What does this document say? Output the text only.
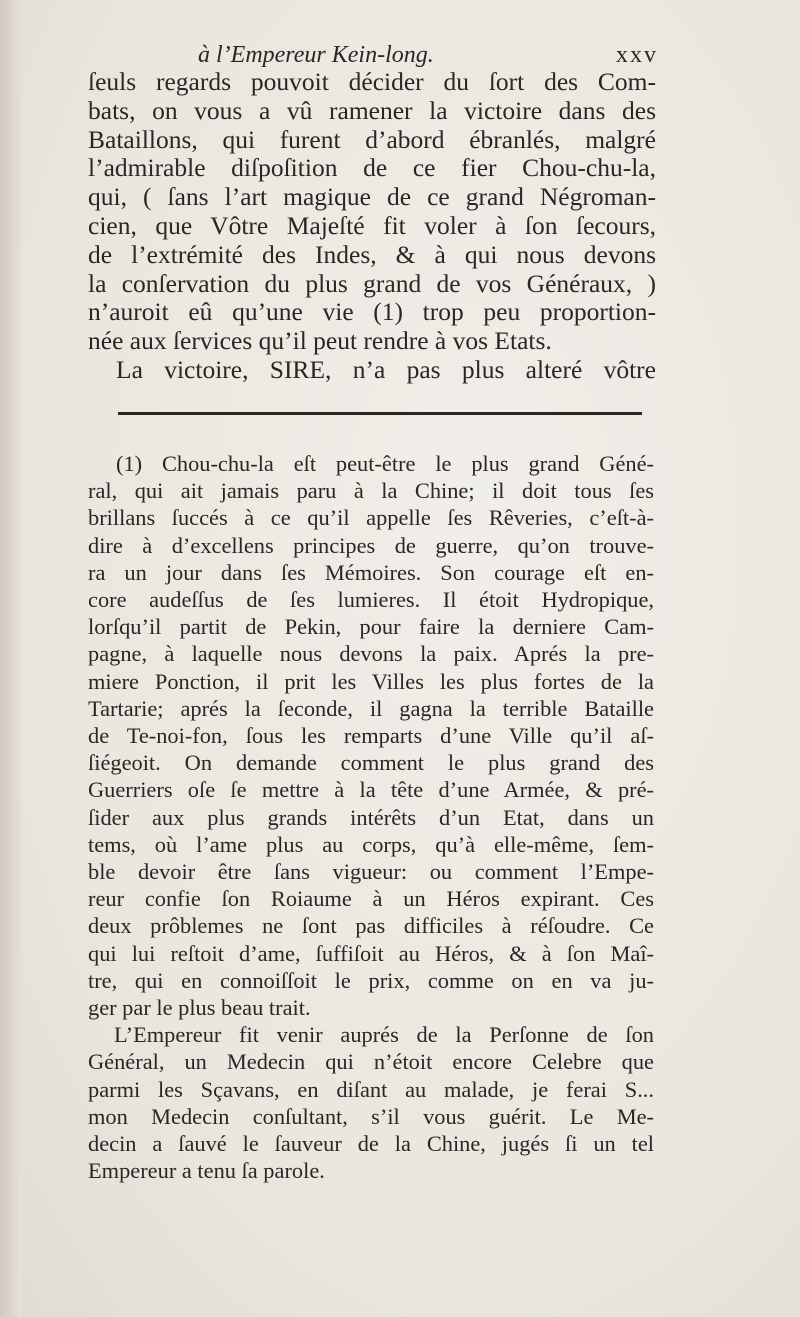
à l’Empereur Kein-long.	xxv
ſeuls regards pouvoit décider du ſort des Com-
bats, on vous a vû ramener la victoire dans des
Bataillons, qui furent d’abord ébranlés, malgré
l’admirable diſpoſition de ce fier Chou-chu-la,
qui, ( ſans l’art magique de ce grand Négroman-
cien, que Vôtre Majeſté fit voler à ſon ſecours,
de l’extrémité des Indes, & à qui nous devons
la conſervation du plus grand de vos Généraux, )
n’auroit eû qu’une vie (1) trop peu proportion-
née aux ſervices qu’il peut rendre à vos Etats.
La victoire, SIRE, n’a pas plus alteré vôtre
(1) Chou-chu-la eſt peut-être le plus grand Géné-
ral, qui ait jamais paru à la Chine; il doit tous ſes
brillans ſuccés à ce qu’il appelle ſes Rêveries, c’eſt-à-
dire à d’excellens principes de guerre, qu’on trouve-
ra un jour dans ſes Mémoires. Son courage eſt en-
core audeſſus de ſes lumieres. Il étoit Hydropique,
lorſqu’il partit de Pekin, pour faire la derniere Cam-
pagne, à laquelle nous devons la paix. Aprés la pre-
miere Ponction, il prit les Villes les plus fortes de la
Tartarie; aprés la ſeconde, il gagna la terrible Bataille
de Te-noi-fon, ſous les remparts d’une Ville qu’il aſ-
ſiégeoit. On demande comment le plus grand des
Guerriers oſe ſe mettre à la tête d’une Armée, & pré-
ſider aux plus grands intérêts d’un Etat, dans un
tems, où l’ame plus au corps, qu’à elle-même, ſem-
ble devoir être ſans vigueur: ou comment l’Empe-
reur confie ſon Roiaume à un Héros expirant. Ces
deux prôblemes ne ſont pas difficiles à réſoudre. Ce
qui lui reſtoit d’ame, ſuffiſoit au Héros, & à ſon Maî-
tre, qui en connoiſſoit le prix, comme on en va ju-
ger par le plus beau trait.
L’Empereur fit venir auprés de la Perſonne de ſon
Général, un Medecin qui n’étoit encore Celebre que
parmi les Sçavans, en diſant au malade, je ferai S...
mon Medecin conſultant, s’il vous guérit. Le Me-
decin a ſauvé le ſauveur de la Chine, jugés ſi un tel
Empereur a tenu ſa parole.
